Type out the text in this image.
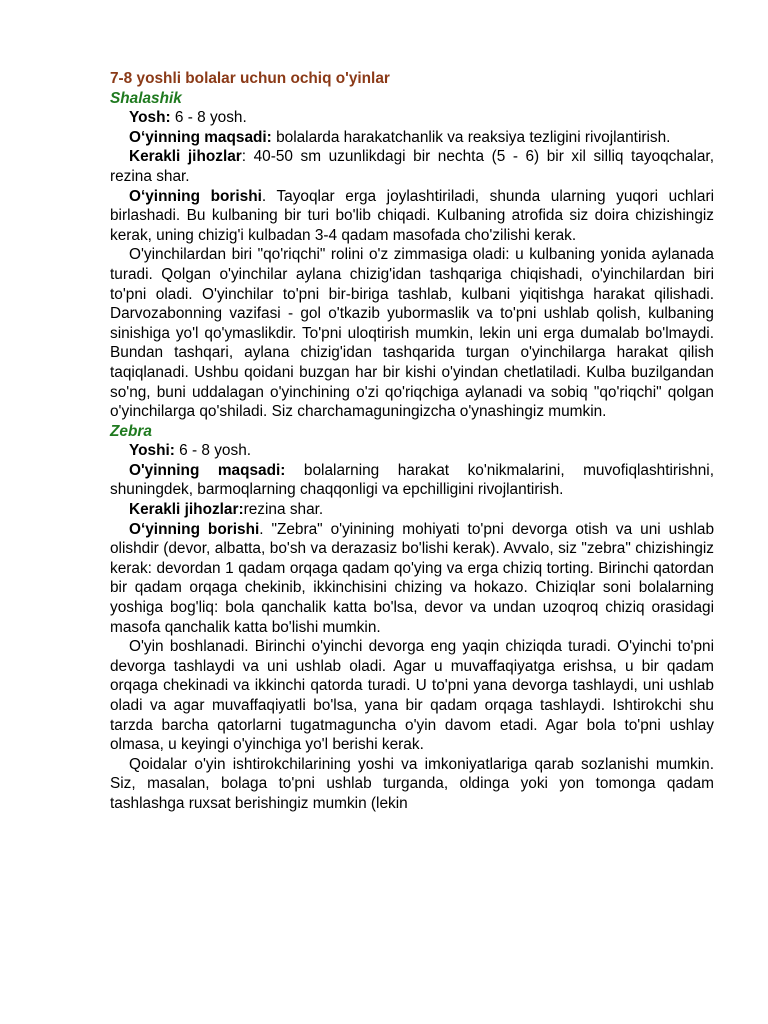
7-8 yoshli bolalar uchun ochiq o'yinlar
Shalashik

Yosh: 6 - 8 yosh.

O‘yinning maqsadi: bolalarda harakatchanlik va reaksiya tezligini rivojlantirish.

Kerakli jihozlar: 40-50 sm uzunlikdagi bir nechta (5 - 6) bir xil silliq tayoqchalar, rezina shar.

O‘yinning borishi. Tayoqlar erga joylashtiriladi, shunda ularning yuqori uchlari birlashadi. Bu kulbaning bir turi bo'lib chiqadi. Kulbaning atrofida siz doira chizishingiz kerak, uning chizig'i kulbadan 3-4 qadam masofada cho'zilishi kerak.

O'yinchilardan biri "qo'riqchi" rolini o'z zimmasiga oladi: u kulbaning yonida aylanada turadi. Qolgan o'yinchilar aylana chizig'idan tashqariga chiqishadi, o'yinchilardan biri to'pni oladi. O'yinchilar to'pni bir-biriga tashlab, kulbani yiqitishga harakat qilishadi. Darvozabonning vazifasi - gol o'tkazib yubormaslik va to'pni ushlab qolish, kulbaning sinishiga yo'l qo'ymaslikdir. To'pni uloqtirish mumkin, lekin uni erga dumalab bo'lmaydi. Bundan tashqari, aylana chizig'idan tashqarida turgan o'yinchilarga harakat qilish taqiqlanadi. Ushbu qoidani buzgan har bir kishi o'yindan chetlatiladi. Kulba buzilgandan so'ng, buni uddalagan o'yinchining o'zi qo'riqchiga aylanadi va sobiq "qo'riqchi" qolgan o'yinchilarga qo'shiladi. Siz charchamaguningizcha o'ynashingiz mumkin.

Zebra

Yoshi: 6 - 8 yosh.

O'yinning maqsadi: bolalarning harakat ko'nikmalarini, muvofiqlashtirishni, shuningdek, barmoqlarning chaqqonligi va epchilligini rivojlantirish.

Kerakli jihozlar:rezina shar.

O‘yinning borishi. "Zebra" o'yinining mohiyati to'pni devorga otish va uni ushlab olishdir (devor, albatta, bo'sh va derazasiz bo'lishi kerak). Avvalo, siz "zebra" chizishingiz kerak: devordan 1 qadam orqaga qadam qo'ying va erga chiziq torting. Birinchi qatordan bir qadam orqaga chekinib, ikkinchisini chizing va hokazo. Chiziqlar soni bolalarning yoshiga bog'liq: bola qanchalik katta bo'lsa, devor va undan uzoqroq chiziq orasidagi masofa qanchalik katta bo'lishi mumkin.

O'yin boshlanadi. Birinchi o'yinchi devorga eng yaqin chiziqda turadi. O'yinchi to'pni devorga tashlaydi va uni ushlab oladi. Agar u muvaffaqiyatga erishsa, u bir qadam orqaga chekinadi va ikkinchi qatorda turadi. U to'pni yana devorga tashlaydi, uni ushlab oladi va agar muvaffaqiyatli bo'lsa, yana bir qadam orqaga tashlaydi. Ishtirokchi shu tarzda barcha qatorlarni tugatmaguncha o'yin davom etadi. Agar bola to'pni ushlay olmasa, u keyingi o'yinchiga yo'l berishi kerak.

Qoidalar o'yin ishtirokchilarining yoshi va imkoniyatlariga qarab sozlanishi mumkin. Siz, masalan, bolaga to'pni ushlab turganda, oldinga yoki yon tomonga qadam tashlashga ruxsat berishingiz mumkin (lekin
